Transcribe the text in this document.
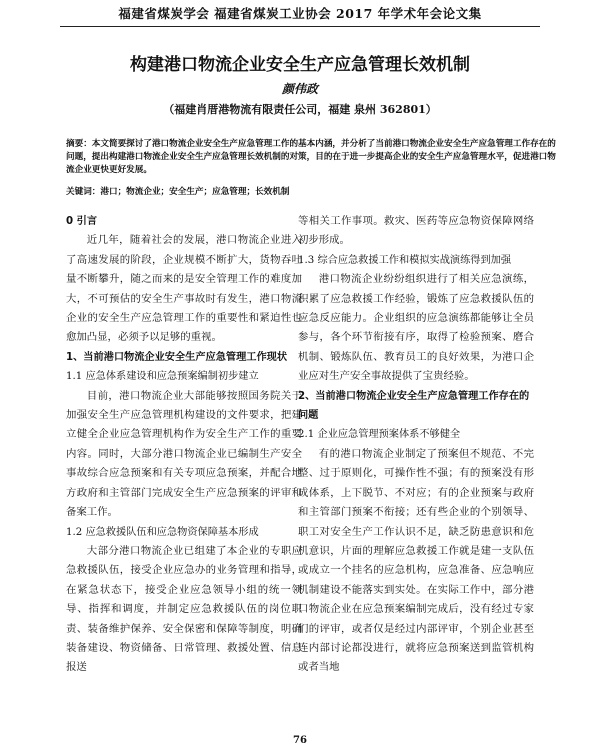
福建省煤炭学会 福建省煤炭工业协会 2017 年学术年会论文集
构建港口物流企业安全生产应急管理长效机制
颜伟政
（福建肖厝港物流有限责任公司，福建 泉州 362801）
摘要：本文简要探讨了港口物流企业安全生产应急管理工作的基本内涵，并分析了当前港口物流企业安全生产应急管理工作存在的问题，提出构建港口物流企业安全生产应急管理长效机制的对策，目的在于进一步提高企业的安全生产应急管理水平，促进港口物流企业更快更好发展。
关键词：港口；物流企业；安全生产；应急管理；长效机制

0 引言

近几年，随着社会的发展，港口物流企业进入了高速发展的阶段，企业规模不断扩大，货物吞吐量不断攀升，随之而来的是安全管理工作的难度加大，不可预估的安全生产事故时有发生，港口物流企业的安全生产应急管理工作的重要性和紧迫性也愈加凸显，必须予以足够的重视。

1、当前港口物流企业安全生产应急管理工作现状

1.1 应急体系建设和应急预案编制初步建立

目前，港口物流企业大部能够按照国务院关于加强安全生产应急管理机构建设的文件要求，把建立健全企业应急管理机构作为安全生产工作的重要内容。同时，大部分港口物流企业已编制生产安全事故综合应急预案和有关专项应急预案，并配合地方政府和主管部门完成安全生产应急预案的评审和备案工作。

1.2 应急救援队伍和应急物资保障基本形成

大部分港口物流企业已组建了本企业的专职应急救援队伍，接受企业应急办的业务管理和指导，在紧急状态下，接受企业应急领导小组的统一领导、指挥和调度，并制定应急救援队伍的岗位职责、装备维护保养、安全保密和保障等制度，明确装备建设、物资储备、日常管理、救援处置、信息报送

等相关工作事项。救灾、医药等应急物资保障网络初步形成。

1.3 综合应急救援工作和模拟实战演练得到加强

港口物流企业纷纷组织进行了相关应急演练，积累了应急救援工作经验，锻炼了应急救援队伍的应急反应能力。企业组织的应急演练都能够让全员参与，各个环节衔接有序，取得了检验预案、磨合机制、锻炼队伍、教育员工的良好效果，为港口企业应对生产安全事故提供了宝贵经验。

2、当前港口物流企业安全生产应急管理工作存在的问题

2.1 企业应急管理预案体系不够健全

有的港口物流企业制定了预案但不规范、不完整、过于原则化，可操作性不强；有的预案没有形成体系，上下脱节、不对应；有的企业预案与政府和主管部门预案不衔接；还有些企业的个别领导、职工对安全生产工作认识不足，缺乏防患意识和危机意识，片面的理解应急救援工作就是建一支队伍或成立一个挂名的应急机构，应急准备、应急响应机制建设不能落实到实处。在实际工作中，部分港口物流企业在应急预案编制完成后，没有经过专家们的评审，或者仅是经过内部评审，个别企业甚至连内部讨论都没进行，就将应急预案送到监管机构或者当地

76
